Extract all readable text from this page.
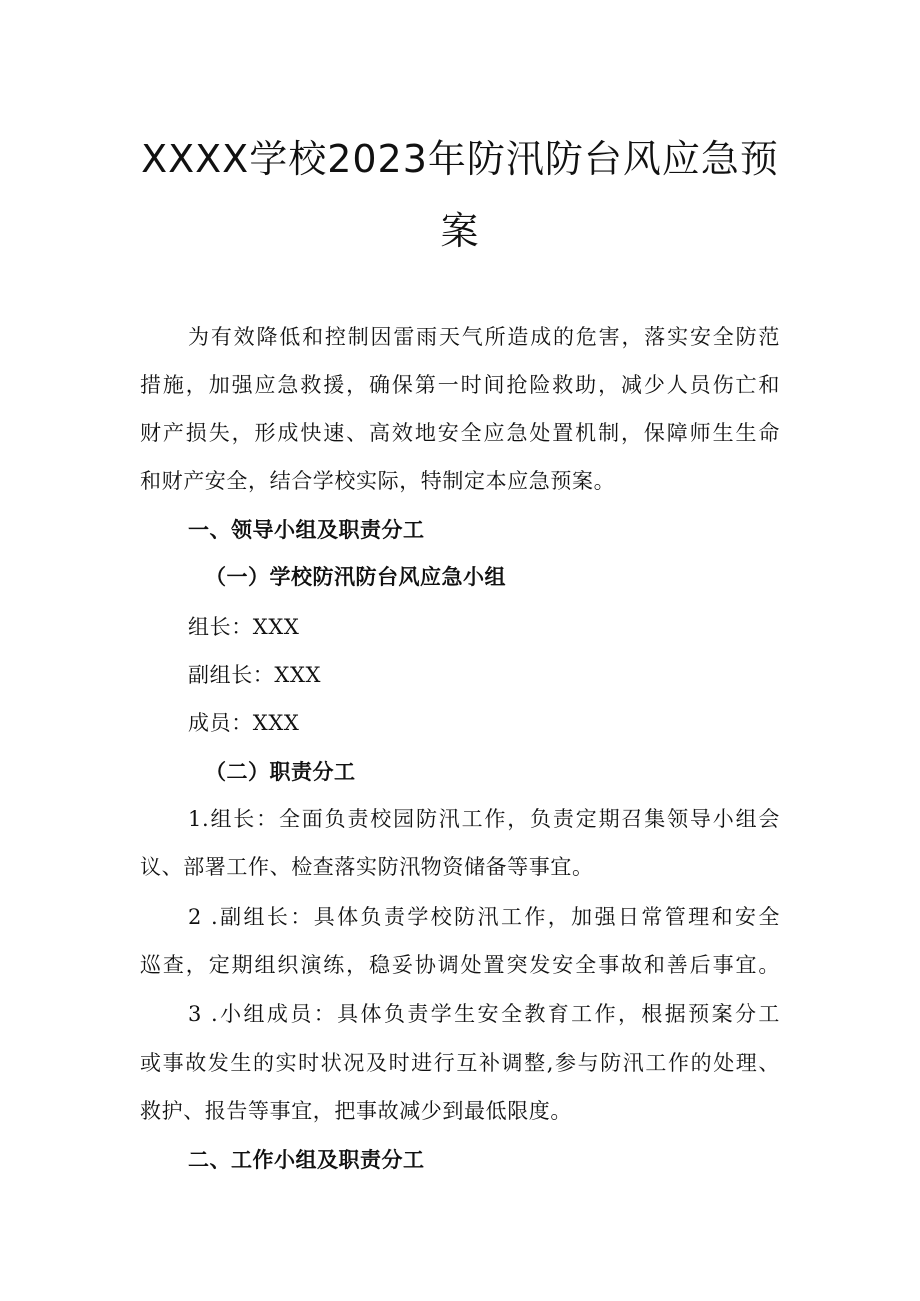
XXXX学校2023年防汛防台风应急预
案
为有效降低和控制因雷雨天气所造成的危害，落实安全防范
措施，加强应急救援，确保第一时间抢险救助，减少人员伤亡和
财产损失，形成快速、高效地安全应急处置机制，保障师生生命
和财产安全，结合学校实际，特制定本应急预案。
一、领导小组及职责分工
（一）学校防汛防台风应急小组
组长：XXX
副组长：XXX
成员：XXX
（二）职责分工
1.组长：全面负责校园防汛工作，负责定期召集领导小组会
议、部署工作、检查落实防汛物资储备等事宜。
2 .副组长：具体负责学校防汛工作，加强日常管理和安全
巡查，定期组织演练，稳妥协调处置突发安全事故和善后事宜。
3 .小组成员：具体负责学生安全教育工作，根据预案分工
或事故发生的实时状况及时进行互补调整,参与防汛工作的处理、
救护、报告等事宜，把事故减少到最低限度。
二、工作小组及职责分工
